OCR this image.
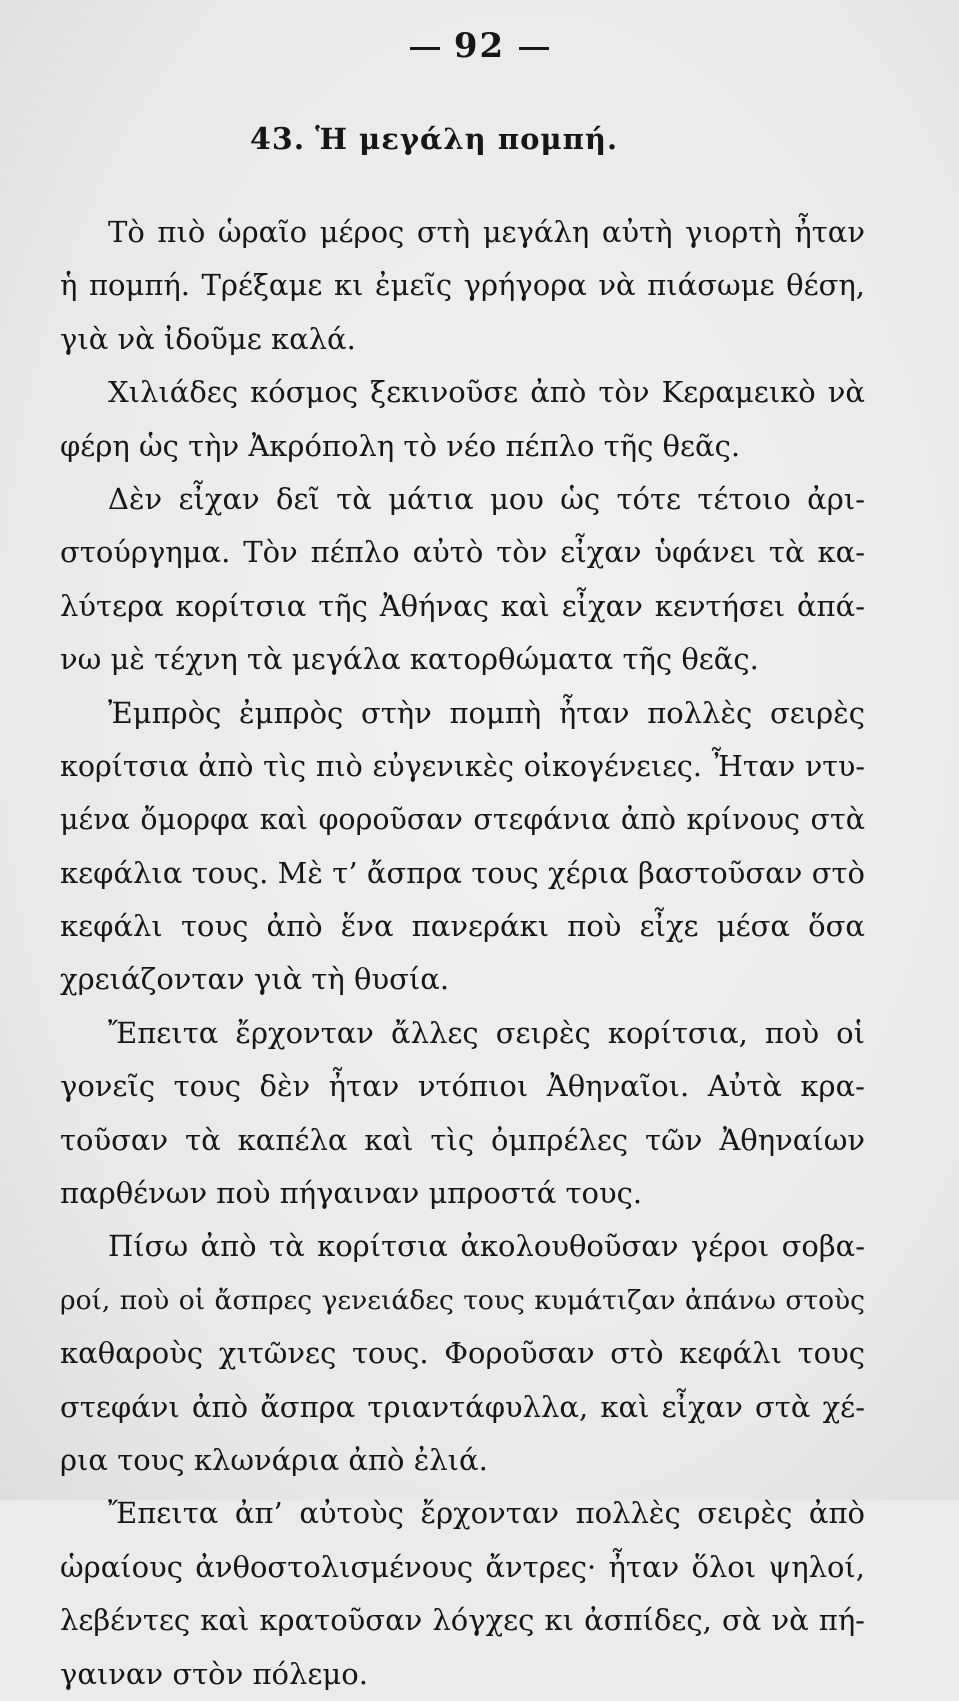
92
43. Ἡ μεγάλη πομπή.
Τὸ πιὸ ὡραῖο μέρος στὴ μεγάλη αὐτὴ γιορτὴ ἦταν
ἡ πομπή. Τρέξαμε κι ἐμεῖς γρήγορα νὰ πιάσωμε θέση,
γιὰ νὰ ἰδοῦμε καλά.
Χιλιάδες κόσμος ξεκινοῦσε ἀπὸ τὸν Κεραμεικὸ νὰ
φέρη ὡς τὴν Ἀκρόπολη τὸ νέο πέπλο τῆς θεᾶς.
Δὲν εἶχαν δεῖ τὰ μάτια μου ὡς τότε τέτοιο ἀρι-
στούργημα. Τὸν πέπλο αὐτὸ τὸν εἶχαν ὑφάνει τὰ κα-
λύτερα κορίτσια τῆς Ἀθήνας καὶ εἶχαν κεντήσει ἀπά-
νω μὲ τέχνη τὰ μεγάλα κατορθώματα τῆς θεᾶς.
Ἐμπρὸς ἐμπρὸς στὴν πομπὴ ἦταν πολλὲς σειρὲς
κορίτσια ἀπὸ τὶς πιὸ εὐγενικὲς οἰκογένειες. Ἦταν ντυ-
μένα ὄμορφα καὶ φοροῦσαν στεφάνια ἀπὸ κρίνους στὰ
κεφάλια τους. Μὲ τ’ ἄσπρα τους χέρια βαστοῦσαν στὸ
κεφάλι τους ἀπὸ ἕνα πανεράκι ποὺ εἶχε μέσα ὅσα
χρειάζονταν γιὰ τὴ θυσία.
Ἔπειτα ἔρχονταν ἄλλες σειρὲς κορίτσια, ποὺ οἱ
γονεῖς τους δὲν ἦταν ντόπιοι Ἀθηναῖοι. Αὐτὰ κρα-
τοῦσαν τὰ καπέλα καὶ τὶς ὀμπρέλες τῶν Ἀθηναίων
παρθένων ποὺ πήγαιναν μπροστά τους.
Πίσω ἀπὸ τὰ κορίτσια ἀκολουθοῦσαν γέροι σοβα-
ροί, ποὺ οἱ ἄσπρες γενειάδες τους κυμάτιζαν ἀπάνω στοὺς
καθαροὺς χιτῶνες τους. Φοροῦσαν στὸ κεφάλι τους
στεφάνι ἀπὸ ἄσπρα τριαντάφυλλα, καὶ εἶχαν στὰ χέ-
ρια τους κλωνάρια ἀπὸ ἐλιά.
Ἔπειτα ἀπ’ αὐτοὺς ἔρχονταν πολλὲς σειρὲς ἀπὸ
ὡραίους ἀνθοστολισμένους ἄντρες· ἦταν ὅλοι ψηλοί,
λεβέντες καὶ κρατοῦσαν λόγχες κι ἀσπίδες, σὰ νὰ πή-
γαιναν στὸν πόλεμο.
